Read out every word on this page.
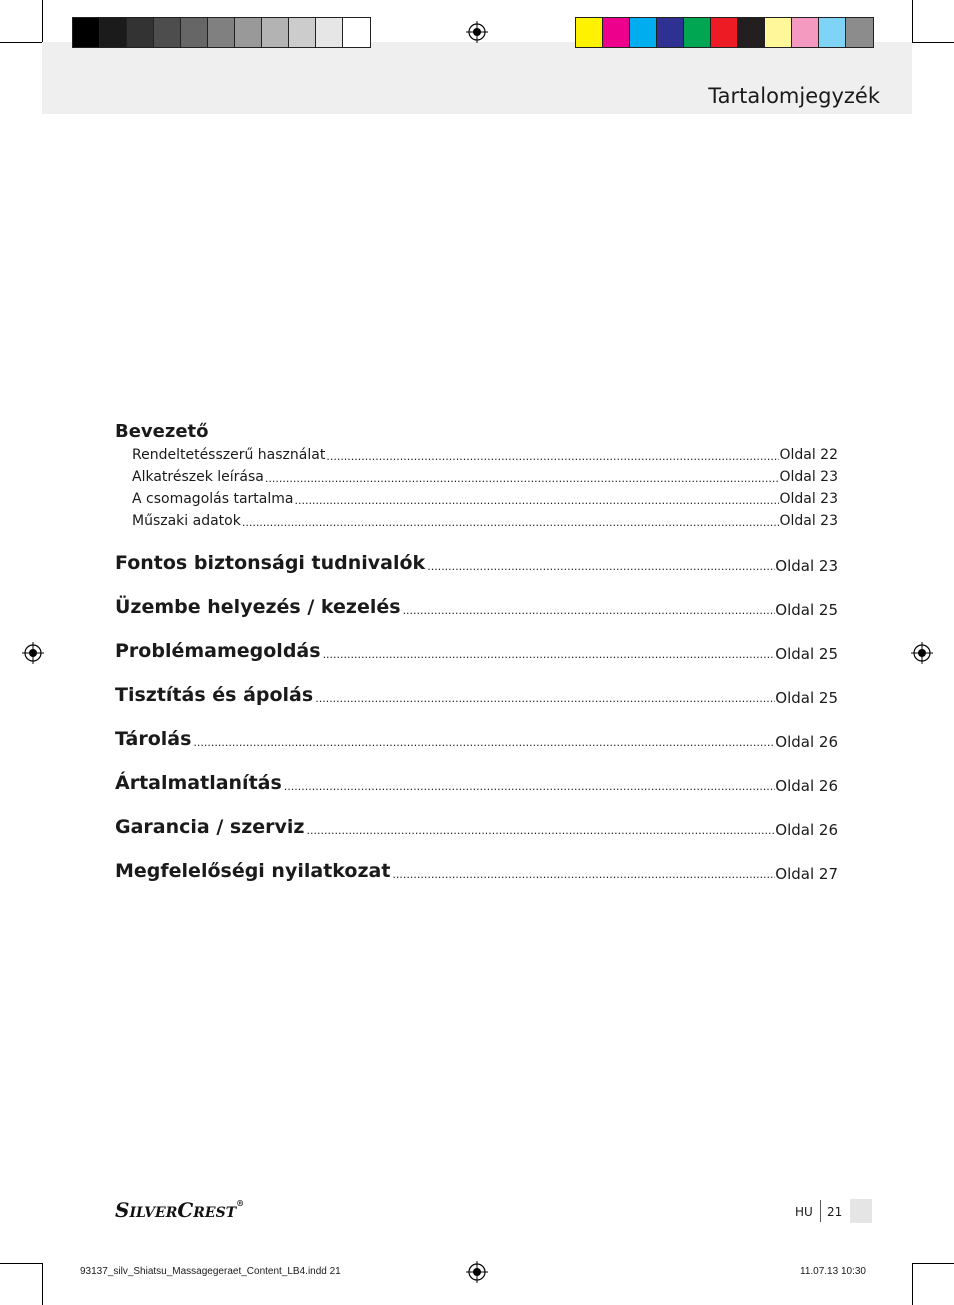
Tartalomjegyzék
Bevezető
Rendeltetésszerű használat .....	Oldal 22
Alkatrészek leírása .....	Oldal 23
A csomagolás tartalma .....	Oldal 23
Műszaki adatok .....	Oldal 23
Fontos biztonsági tudnivalók .....	Oldal 23
Üzembe helyezés / kezelés .....	Oldal 25
Problémamegoldás .....	Oldal 25
Tisztítás és ápolás .....	Oldal 25
Tárolás .....	Oldal 26
Ártalmatlanítás .....	Oldal 26
Garancia / szerviz .....	Oldal 26
Megfelelőségi nyilatkozat .....	Oldal 27
SILVERCREST®
HU 21
93137_silv_Shiatsu_Massagegeraet_Content_LB4.indd 21	11.07.13 10:30
